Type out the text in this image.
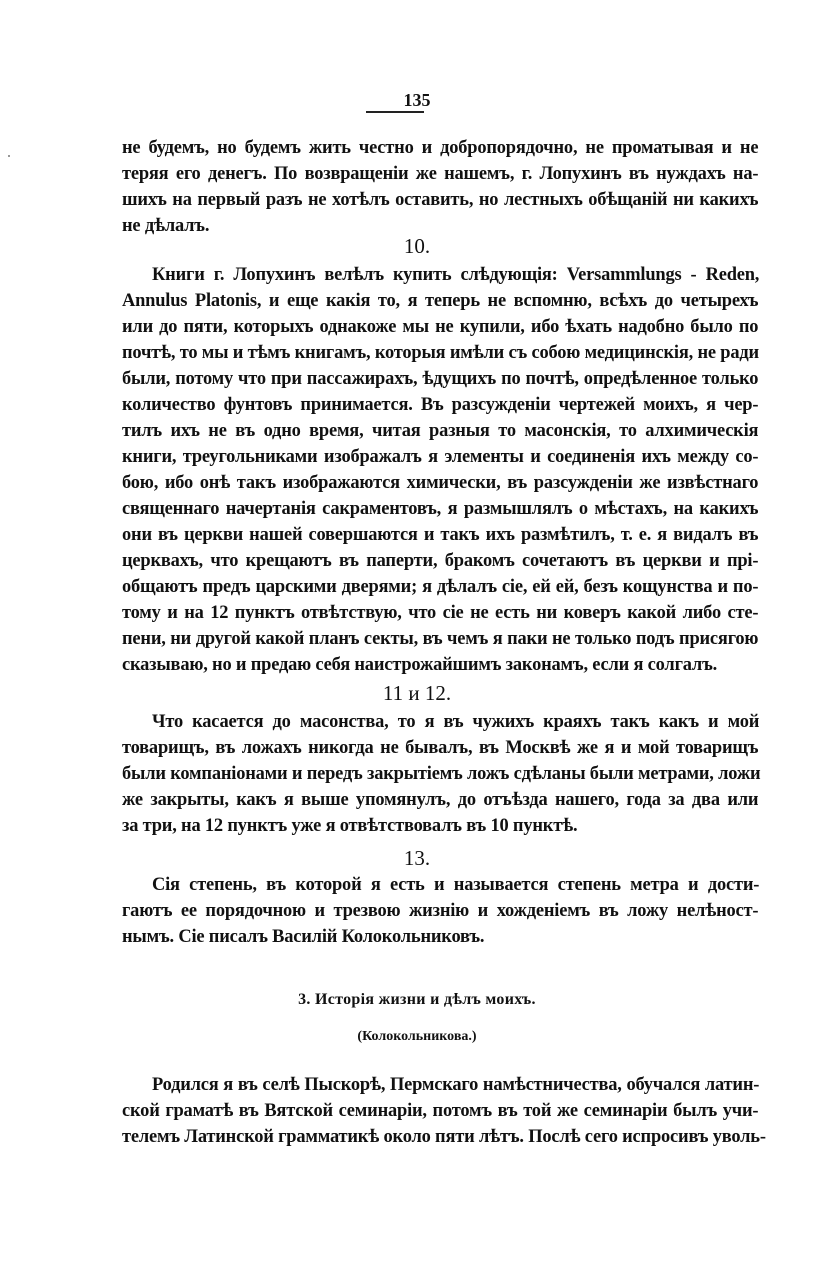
135
не будемъ, но будемъ жить честно и добропорядочно, не проматывая и не
теряя его денегъ. По возвращеніи же нашемъ, г. Лопухинъ въ нуждахъ на-
шихъ на первый разъ не хотѣлъ оставить, но лестныхъ обѣщаній ни какихъ
не дѣлалъ.
10.
Книги г. Лопухинъ велѣлъ купить слѣдующія: Versammlungs - Reden,
Annulus Platonis, и еще какія то, я теперь не вспомню, всѣхъ до четырехъ
или до пяти, которыхъ однакоже мы не купили, ибо ѣхать надобно было по
почтѣ, то мы и тѣмъ книгамъ, которыя имѣли съ собою медицинскія, не ради
были, потому что при пассажирахъ, ѣдущихъ по почтѣ, опредѣленное только
количество фунтовъ принимается. Въ разсужденіи чертежей моихъ, я чер-
тилъ ихъ не въ одно время, читая разныя то масонскія, то алхимическія
книги, треугольниками изображалъ я элементы и соединенія ихъ между со-
бою, ибо онѣ такъ изображаются химически, въ разсужденіи же извѣстнаго
священнаго начертанія сакраментовъ, я размышлялъ о мѣстахъ, на какихъ
они въ церкви нашей совершаются и такъ ихъ размѣтилъ, т. е. я видалъ въ
церквахъ, что крещаютъ въ паперти, бракомъ сочетаютъ въ церкви и прі-
общаютъ предъ царскими дверями; я дѣлалъ сіе, ей ей, безъ кощунства и по-
тому и на 12 пунктъ отвѣтствую, что сіе не есть ни коверъ какой либо сте-
пени, ни другой какой планъ секты, въ чемъ я паки не только подъ присягою
сказываю, но и предаю себя наистрожайшимъ законамъ, если я солгалъ.
11 и 12.
Что касается до масонства, то я въ чужихъ краяхъ такъ какъ и мой
товарищъ, въ ложахъ никогда не бывалъ, въ Москвѣ же я и мой товарищъ
были компаніонами и передъ закрытіемъ ложъ сдѣланы были метрами, ложи
же закрыты, какъ я выше упомянулъ, до отъѣзда нашего, года за два или
за три, на 12 пунктъ уже я отвѣтствовалъ въ 10 пунктѣ.
13.
Сія степень, въ которой я есть и называется степень метра и дости-
гаютъ ее порядочною и трезвою жизнію и хожденіемъ въ ложу нелѣност-
нымъ. Сіе писалъ Василій Колокольниковъ.
3. Исторія жизни и дѣлъ моихъ.
(Колокольникова.)
Родился я въ селѣ Пыскорѣ, Пермскаго намѣстничества, обучался латин-
ской граматѣ въ Вятской семинаріи, потомъ въ той же семинаріи былъ учи-
телемъ Латинской грамматикѣ около пяти лѣтъ. Послѣ сего испросивъ уволь-
